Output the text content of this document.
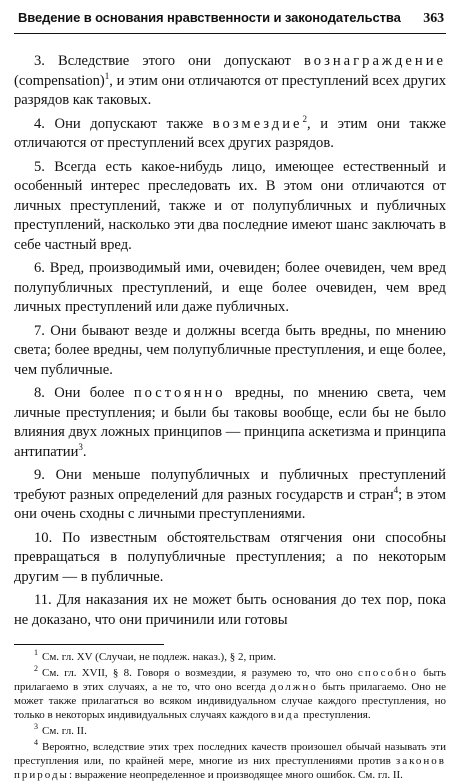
Введение в основания нравственности и законодательства 363

3. Вследствие этого они допускают вознаграждение (compensation)$^1$, и этим они отличаются от преступлений всех других разрядов как таковых.

4. Они допускают также возмездие$^2$, и этим они также отличаются от преступлений всех других разрядов.

5. Всегда есть какое-нибудь лицо, имеющее естественный и особенный интерес преследовать их. В этом они отличаются от личных преступлений, также и от полупубличных и публичных преступлений, насколько эти два последние имеют шанс заключать в себе частный вред.

6. Вред, производимый ими, очевиден; более очевиден, чем вред полупубличных преступлений, и еще более очевиден, чем вред личных преступлений или даже публичных.

7. Они бывают везде и должны всегда быть вредны, по мнению света; более вредны, чем полупубличные преступления, и еще более, чем публичные.

8. Они более постоянно вредны, по мнению света, чем личные преступления; и были бы таковы вообще, если бы не было влияния двух ложных принципов — принципа аскетизма и принципа антипатии$^3$.

9. Они меньше полупубличных и публичных преступлений требуют разных определений для разных государств и стран$^4$; в этом они очень сходны с личными преступлениями.

10. По известным обстоятельствам отягчения они способны превращаться в полупубличные преступления; а по некоторым другим — в публичные.

11. Для наказания их не может быть основания до тех пор, пока не доказано, что они причинили или готовы

$^1$ См. гл. XV (Случаи, не подлеж. наказ.), § 2, прим.

$^2$ См. гл. XVII, § 8. Говоря о возмездии, я разумею то, что оно способно быть прилагаемо в этих случаях, а не то, что оно всегда должно быть прилагаемо. Оно не может также прилагаться во всяком индивидуальном случае каждого преступления, но только в некоторых индивидуальных случаях каждого вида преступления.

$^3$ См. гл. II.

$^4$ Вероятно, вследствие этих трех последних качеств произошел обычай называть эти преступления или, по крайней мере, многие из них преступлениями против законов природы: выражение неопределенное и производящее много ошибок. См. гл. II.
